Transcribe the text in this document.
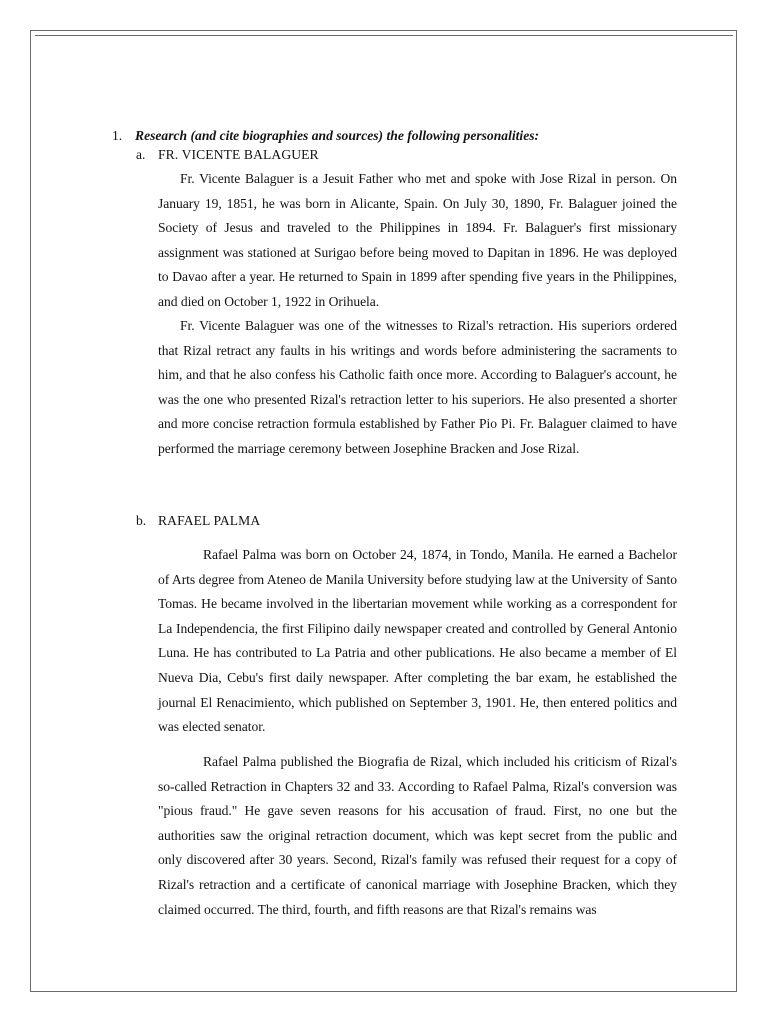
1. Research (and cite biographies and sources) the following personalities:
a. FR. VICENTE BALAGUER

Fr. Vicente Balaguer is a Jesuit Father who met and spoke with Jose Rizal in person. On January 19, 1851, he was born in Alicante, Spain. On July 30, 1890, Fr. Balaguer joined the Society of Jesus and traveled to the Philippines in 1894. Fr. Balaguer's first missionary assignment was stationed at Surigao before being moved to Dapitan in 1896. He was deployed to Davao after a year. He returned to Spain in 1899 after spending five years in the Philippines, and died on October 1, 1922 in Orihuela.

Fr. Vicente Balaguer was one of the witnesses to Rizal's retraction. His superiors ordered that Rizal retract any faults in his writings and words before administering the sacraments to him, and that he also confess his Catholic faith once more. According to Balaguer's account, he was the one who presented Rizal's retraction letter to his superiors. He also presented a shorter and more concise retraction formula established by Father Pio Pi. Fr. Balaguer claimed to have performed the marriage ceremony between Josephine Bracken and Jose Rizal.

b. RAFAEL PALMA

Rafael Palma was born on October 24, 1874, in Tondo, Manila. He earned a Bachelor of Arts degree from Ateneo de Manila University before studying law at the University of Santo Tomas. He became involved in the libertarian movement while working as a correspondent for La Independencia, the first Filipino daily newspaper created and controlled by General Antonio Luna. He has contributed to La Patria and other publications. He also became a member of El Nueva Dia, Cebu's first daily newspaper. After completing the bar exam, he established the journal El Renacimiento, which published on September 3, 1901. He, then entered politics and was elected senator.

Rafael Palma published the Biografia de Rizal, which included his criticism of Rizal's so-called Retraction in Chapters 32 and 33. According to Rafael Palma, Rizal's conversion was "pious fraud." He gave seven reasons for his accusation of fraud. First, no one but the authorities saw the original retraction document, which was kept secret from the public and only discovered after 30 years. Second, Rizal's family was refused their request for a copy of Rizal's retraction and a certificate of canonical marriage with Josephine Bracken, which they claimed occurred. The third, fourth, and fifth reasons are that Rizal's remains was
